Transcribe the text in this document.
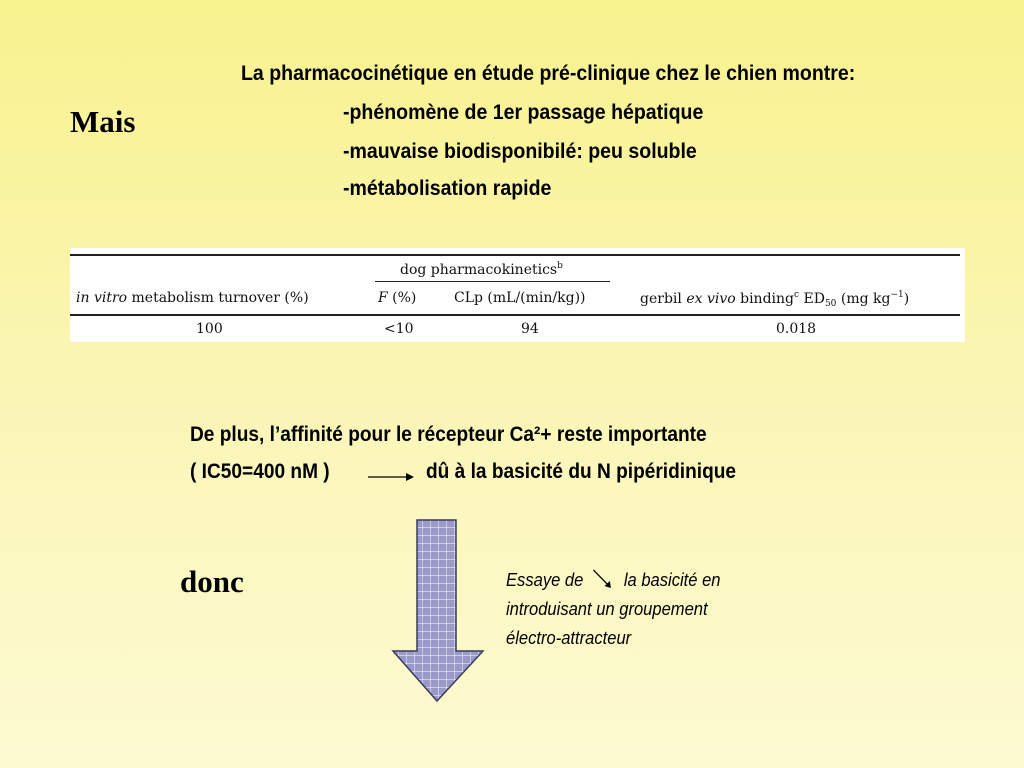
Mais
La pharmacocinétique en étude pré-clinique chez le chien montre:
-phénomène de 1er passage hépatique
-mauvaise biodisponibilé: peu soluble
-métabolisation rapide
dog pharmacokinetics$^b$
in vitro metabolism turnover (%)	F (%)	CLp (mL/(min/kg))	gerbil ex vivo binding$^c$ $ED_{50}$ (mg $kg^{-1}$)
100	<10	94	0.018
De plus, l’affinité pour le récepteur Ca²+ reste importante
( IC50=400 nM )	dû à la basicité du N pipéridinique
donc	Essaye de la basicité en
introduisant un groupement
électro-attracteur
